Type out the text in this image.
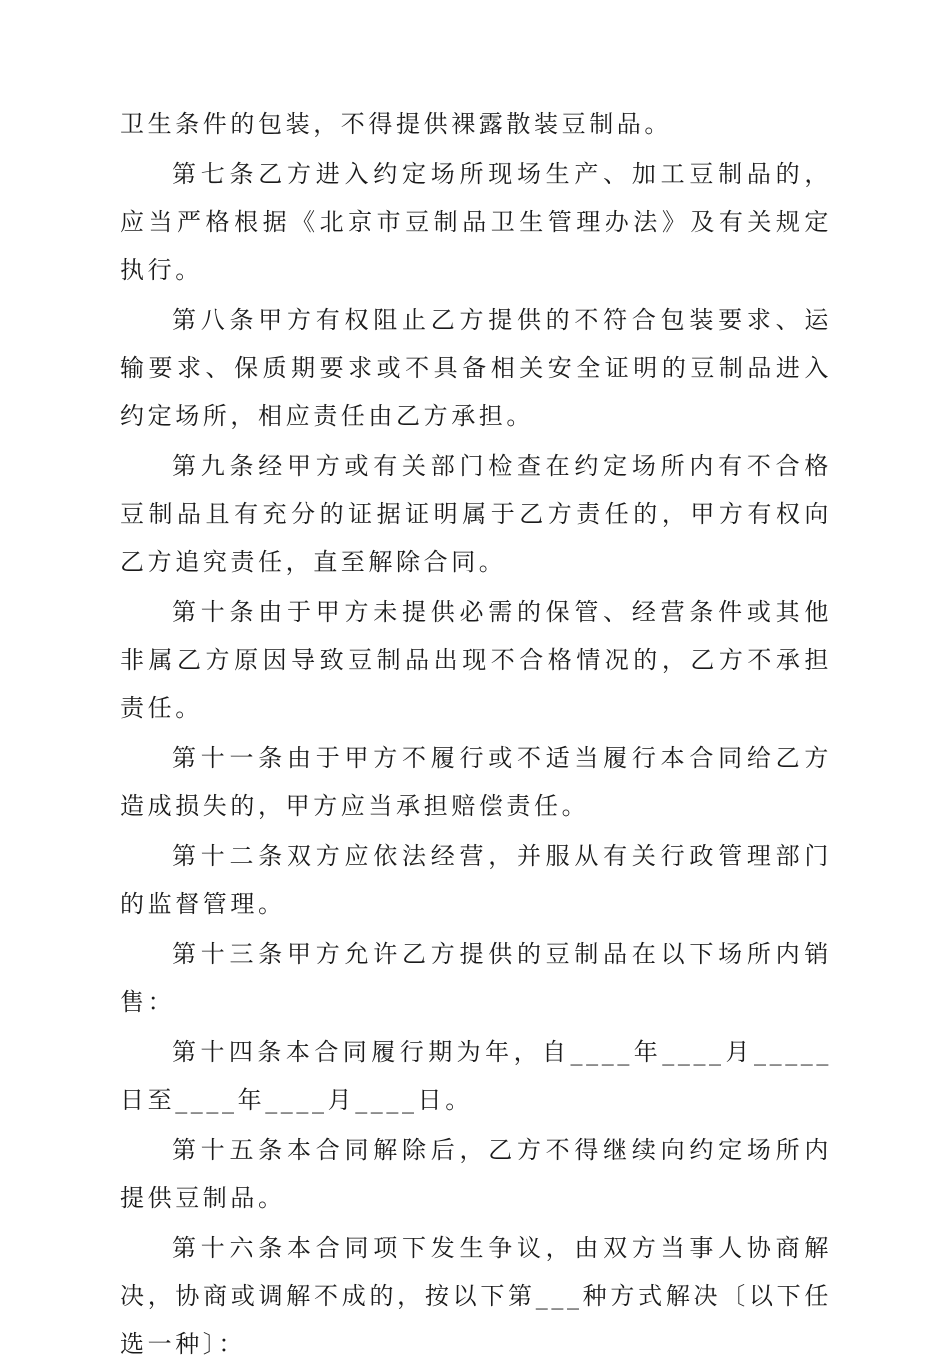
卫生条件的包装，不得提供裸露散装豆制品。

第七条乙方进入约定场所现场生产、加工豆制品的，应当严格根据《北京市豆制品卫生管理办法》及有关规定执行。

第八条甲方有权阻止乙方提供的不符合包装要求、运输要求、保质期要求或不具备相关安全证明的豆制品进入约定场所，相应责任由乙方承担。

第九条经甲方或有关部门检查在约定场所内有不合格豆制品且有充分的证据证明属于乙方责任的，甲方有权向乙方追究责任，直至解除合同。

第十条由于甲方未提供必需的保管、经营条件或其他非属乙方原因导致豆制品出现不合格情况的，乙方不承担责任。

第十一条由于甲方不履行或不适当履行本合同给乙方造成损失的，甲方应当承担赔偿责任。

第十二条双方应依法经营，并服从有关行政管理部门的监督管理。

第十三条甲方允许乙方提供的豆制品在以下场所内销售：

第十四条本合同履行期为年，自____年____月_____日至____年____月____日。

第十五条本合同解除后，乙方不得继续向约定场所内提供豆制品。

第十六条本合同项下发生争议，由双方当事人协商解决，协商或调解不成的，按以下第___种方式解决〔以下任选一种〕：
